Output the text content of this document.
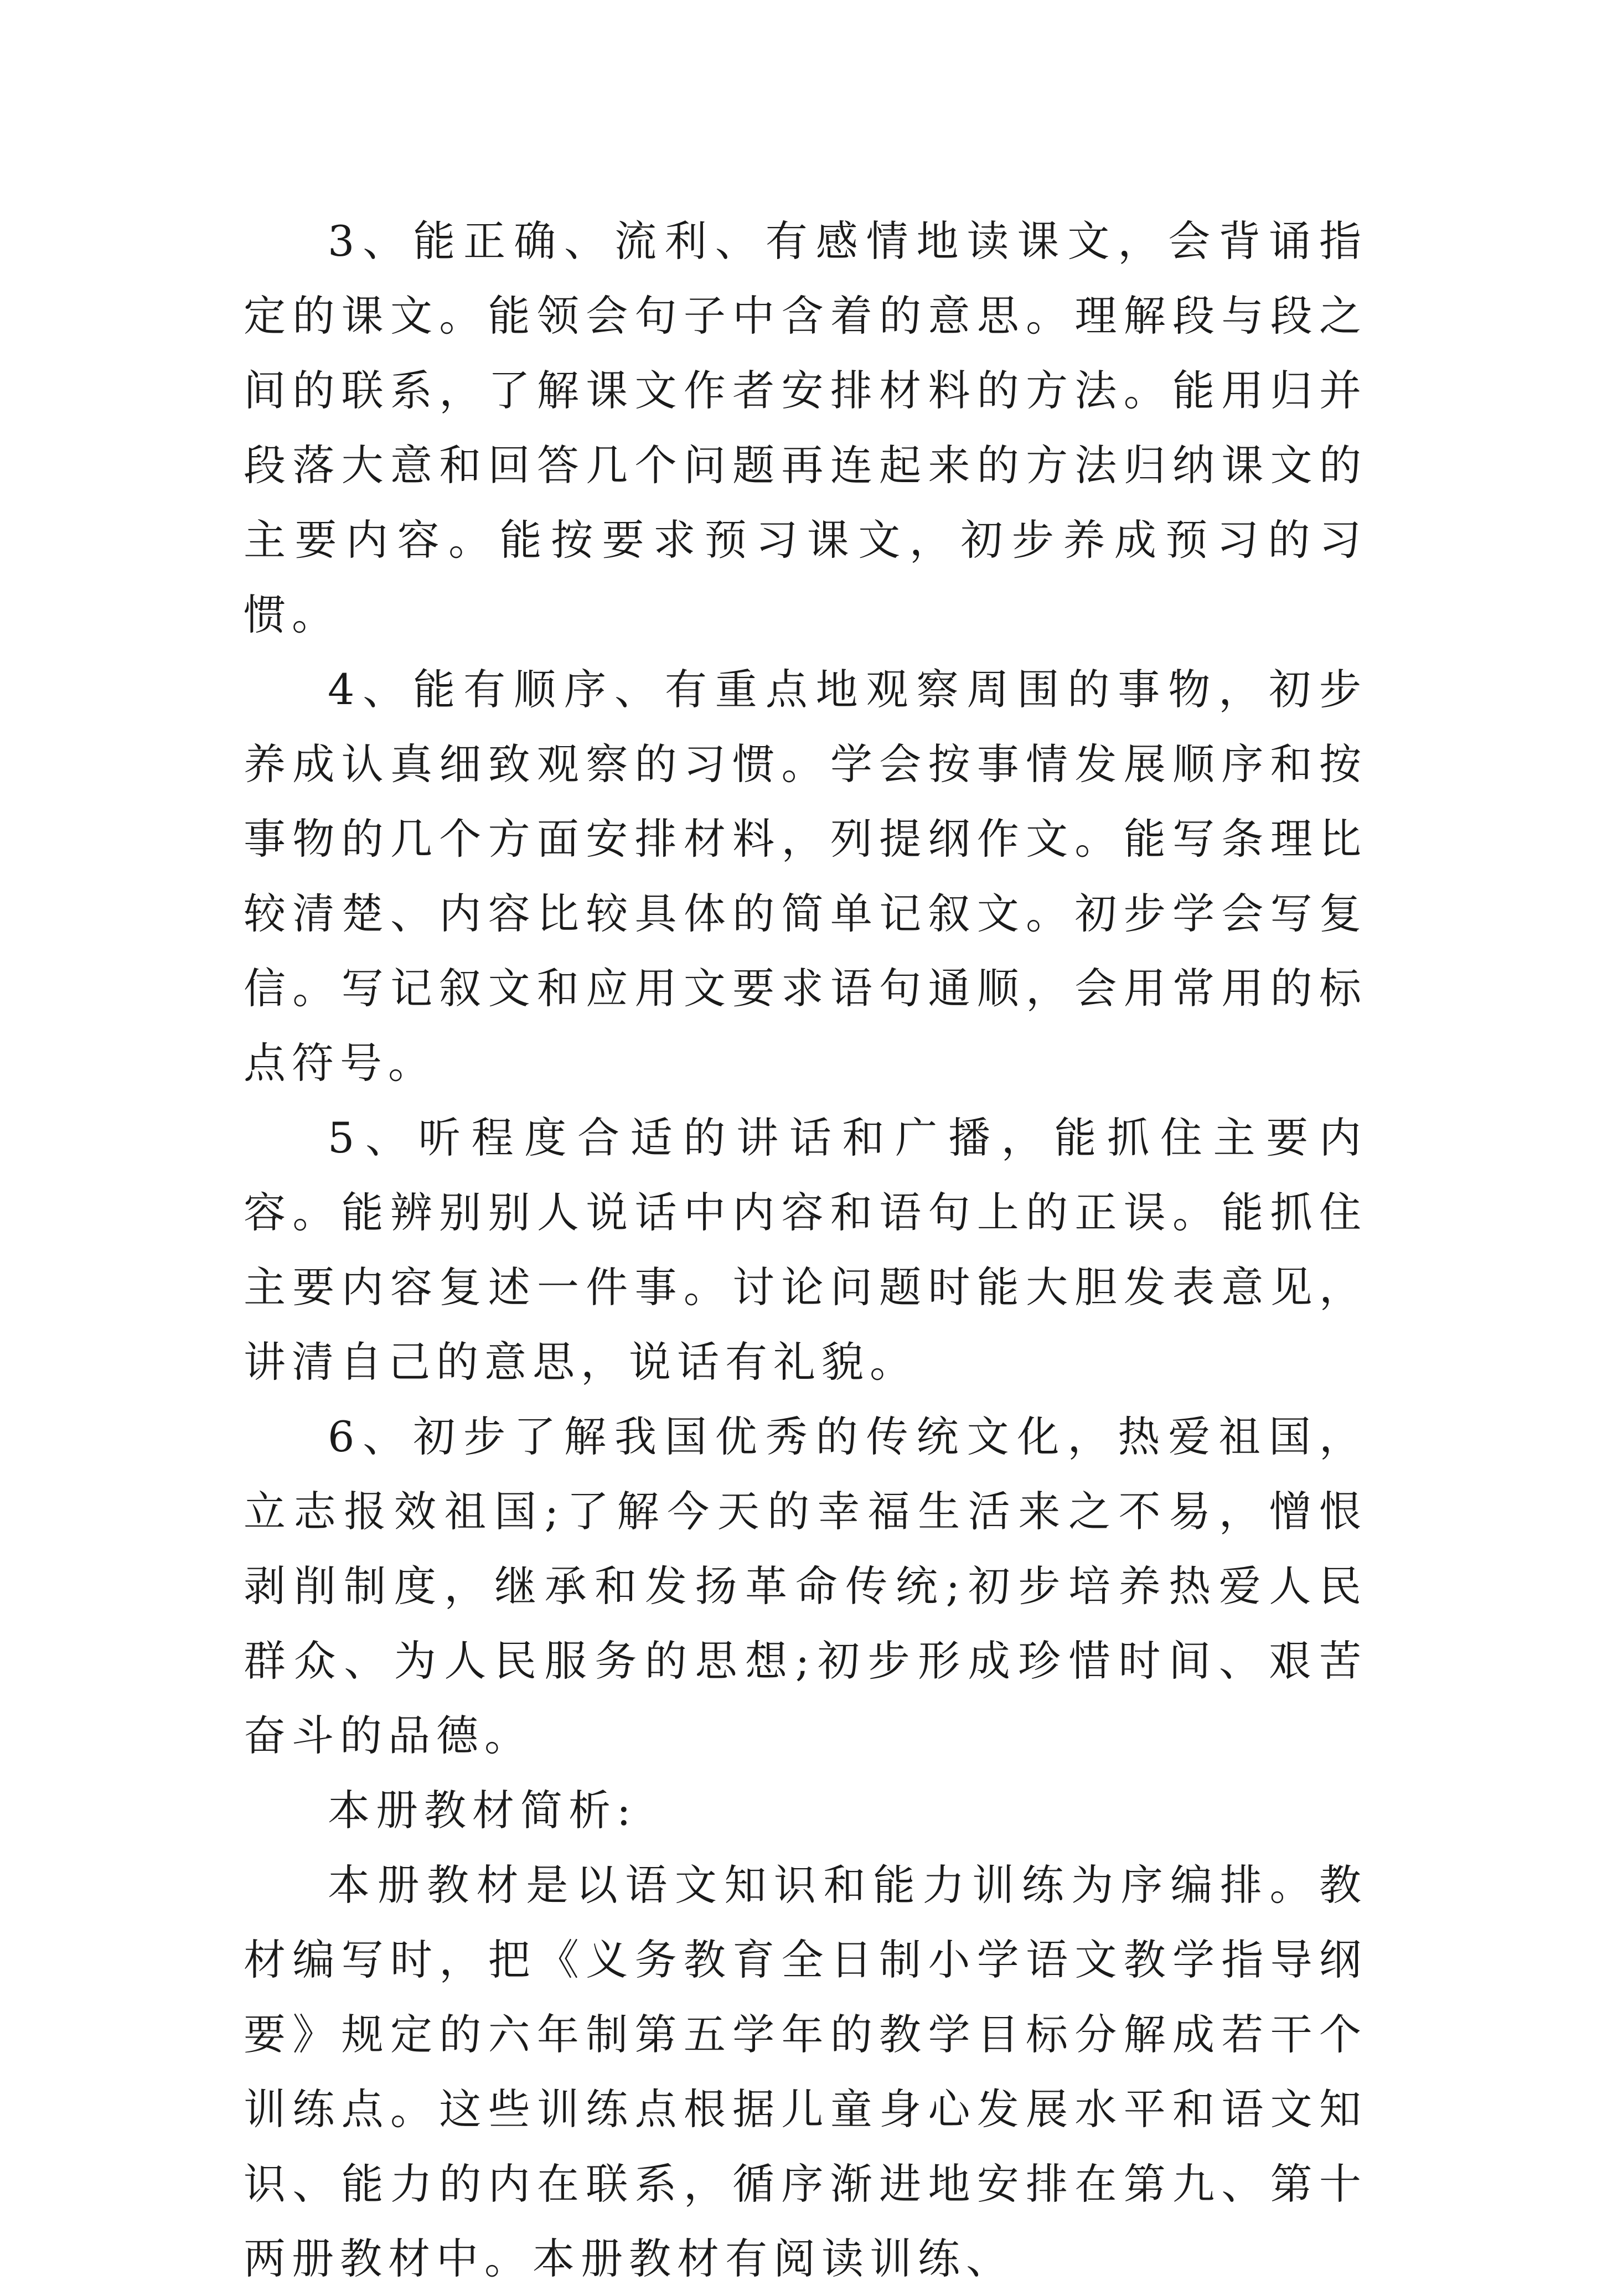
3、能正确、流利、有感情地读课文，会背诵指定的课文。能领会句子中含着的意思。理解段与段之间的联系，了解课文作者安排材料的方法。能用归并段落大意和回答几个问题再连起来的方法归纳课文的主要内容。能按要求预习课文，初步养成预习的习惯。

4、能有顺序、有重点地观察周围的事物，初步养成认真细致观察的习惯。学会按事情发展顺序和按事物的几个方面安排材料，列提纲作文。能写条理比较清楚、内容比较具体的简单记叙文。初步学会写复信。写记叙文和应用文要求语句通顺，会用常用的标点符号。

5、听程度合适的讲话和广播，能抓住主要内容。能辨别别人说话中内容和语句上的正误。能抓住主要内容复述一件事。讨论问题时能大胆发表意见，讲清自己的意思，说话有礼貌。

6、初步了解我国优秀的传统文化，热爱祖国，立志报效祖国;了解今天的幸福生活来之不易，憎恨剥削制度，继承和发扬革命传统;初步培养热爱人民群众、为人民服务的思想;初步形成珍惜时间、艰苦奋斗的品德。

本册教材简析:

本册教材是以语文知识和能力训练为序编排。教材编写时，把《义务教育全日制小学语文教学指导纲要》规定的六年制第五学年的教学目标分解成若干个训练点。这些训练点根据儿童身心发展水平和语文知识、能力的内在联系，循序渐进地安排在第九、第十两册教材中。本册教材有阅读训练、
